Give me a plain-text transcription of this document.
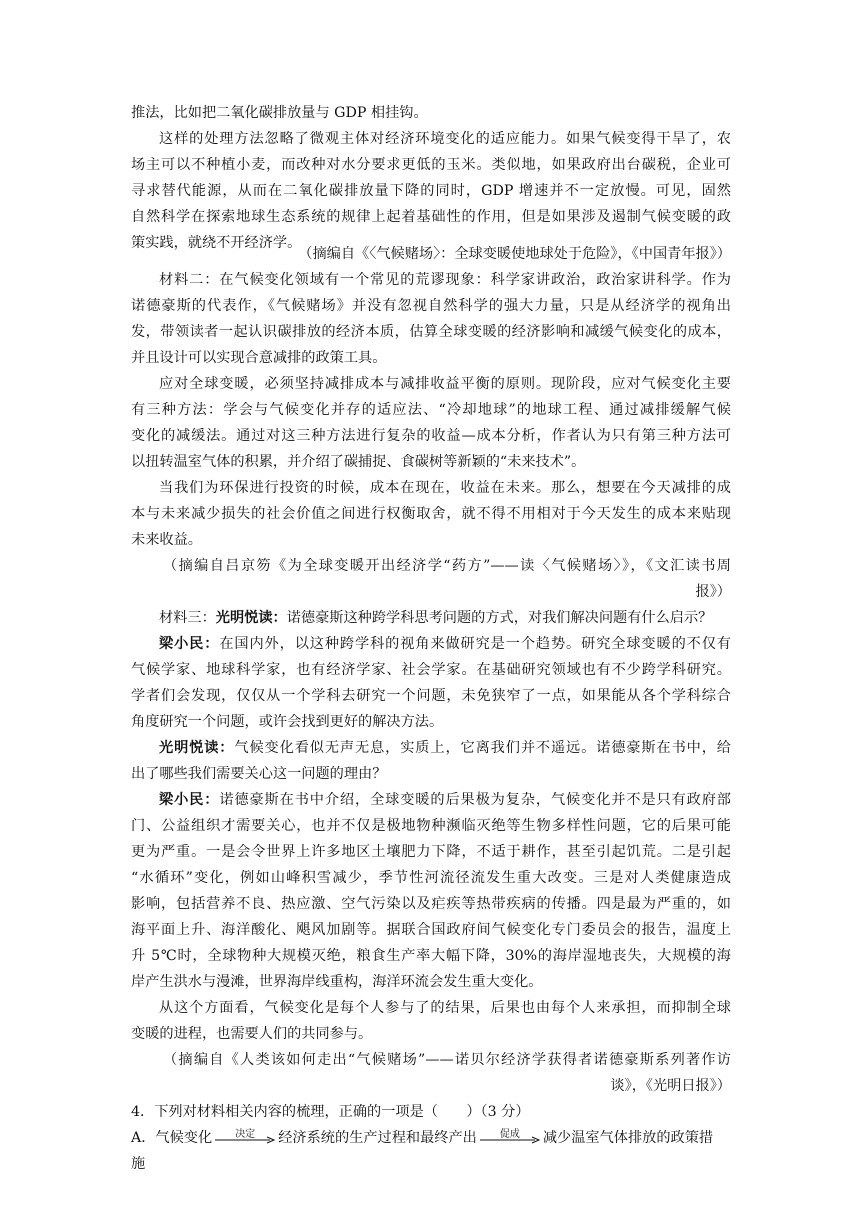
推法，比如把二氧化碳排放量与 GDP 相挂钩。
这样的处理方法忽略了微观主体对经济环境变化的适应能力。如果气候变得干旱了，农
场主可以不种植小麦，而改种对水分要求更低的玉米。类似地，如果政府出台碳税，企业可
寻求替代能源，从而在二氧化碳排放量下降的同时，GDP 增速并不一定放慢。可见，固然
自然科学在探索地球生态系统的规律上起着基础性的作用，但是如果涉及遏制气候变暖的政
策实践，就绕不开经济学。
（摘编自《〈气候赌场〉：全球变暖使地球处于危险》，《中国青年报》）
材料二：在气候变化领域有一个常见的荒谬现象：科学家讲政治，政治家讲科学。作为
诺德豪斯的代表作，《气候赌场》并没有忽视自然科学的强大力量，只是从经济学的视角出
发，带领读者一起认识碳排放的经济本质，估算全球变暖的经济影响和减缓气候变化的成本，
并且设计可以实现合意减排的政策工具。
应对全球变暖，必须坚持减排成本与减排收益平衡的原则。现阶段，应对气候变化主要
有三种方法：学会与气候变化并存的适应法、“冷却地球”的地球工程、通过减排缓解气候
变化的减缓法。通过对这三种方法进行复杂的收益—成本分析，作者认为只有第三种方法可
以扭转温室气体的积累，并介绍了碳捕捉、食碳树等新颖的“未来技术”。
当我们为环保进行投资的时候，成本在现在，收益在未来。那么，想要在今天减排的成
本与未来减少损失的社会价值之间进行权衡取舍，就不得不用相对于今天发生的成本来贴现
未来收益。
（摘编自吕京笏《为全球变暖开出经济学“药方”——读〈气候赌场〉》，《文汇读书周
报》）
材料三：光明悦读：诺德豪斯这种跨学科思考问题的方式，对我们解决问题有什么启示？
梁小民：在国内外，以这种跨学科的视角来做研究是一个趋势。研究全球变暖的不仅有
气候学家、地球科学家，也有经济学家、社会学家。在基础研究领域也有不少跨学科研究。
学者们会发现，仅仅从一个学科去研究一个问题，未免狭窄了一点，如果能从各个学科综合
角度研究一个问题，或许会找到更好的解决方法。
光明悦读：气候变化看似无声无息，实质上，它离我们并不遥远。诺德豪斯在书中，给
出了哪些我们需要关心这一问题的理由？
梁小民：诺德豪斯在书中介绍，全球变暖的后果极为复杂，气候变化并不是只有政府部
门、公益组织才需要关心，也并不仅是极地物种濒临灭绝等生物多样性问题，它的后果可能
更为严重。一是会令世界上许多地区土壤肥力下降，不适于耕作，甚至引起饥荒。二是引起
“水循环”变化，例如山峰积雪减少，季节性河流径流发生重大改变。三是对人类健康造成
影响，包括营养不良、热应激、空气污染以及疟疾等热带疾病的传播。四是最为严重的，如
海平面上升、海洋酸化、飓风加剧等。据联合国政府间气候变化专门委员会的报告，温度上
升 5℃时，全球物种大规模灭绝，粮食生产率大幅下降，30%的海岸湿地丧失，大规模的海
岸产生洪水与漫滩，世界海岸线重构，海洋环流会发生重大变化。
从这个方面看，气候变化是每个人参与了的结果，后果也由每个人来承担，而抑制全球
变暖的进程，也需要人们的共同参与。
（摘编自《人类该如何走出“气候赌场”——诺贝尔经济学获得者诺德豪斯系列著作访
谈》，《光明日报》）
4．下列对材料相关内容的梳理，正确的一项是（　　）（3 分）
A．气候变化	决定	经济系统的生产过程和最终产出	促成	减少温室气体排放的政策措
施
